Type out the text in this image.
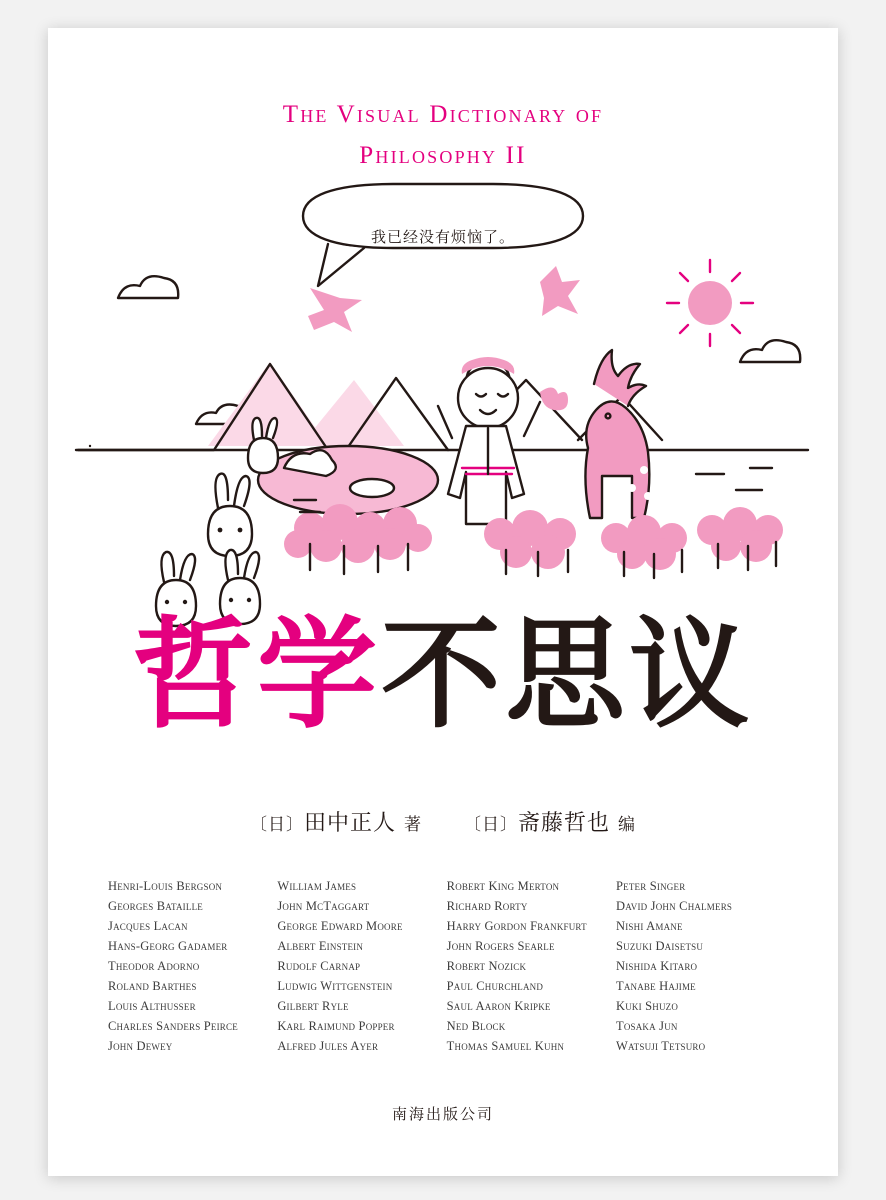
The Visual Dictionary of
Philosophy II
我已经没有烦恼了。
哲学不思议
〔日〕田中正人 著 〔日〕斋藤哲也 编
Henri-Louis Bergson
Georges Bataille
Jacques Lacan
Hans-Georg Gadamer
Theodor Adorno
Roland Barthes
Louis Althusser
Charles Sanders Peirce
John Dewey
William James
John McTaggart
George Edward Moore
Albert Einstein
Rudolf Carnap
Ludwig Wittgenstein
Gilbert Ryle
Karl Raimund Popper
Alfred Jules Ayer
Robert King Merton
Richard Rorty
Harry Gordon Frankfurt
John Rogers Searle
Robert Nozick
Paul Churchland
Saul Aaron Kripke
Ned Block
Thomas Samuel Kuhn
Peter Singer
David John Chalmers
Nishi Amane
Suzuki Daisetsu
Nishida Kitaro
Tanabe Hajime
Kuki Shuzo
Tosaka Jun
Watsuji Tetsuro
南海出版公司
